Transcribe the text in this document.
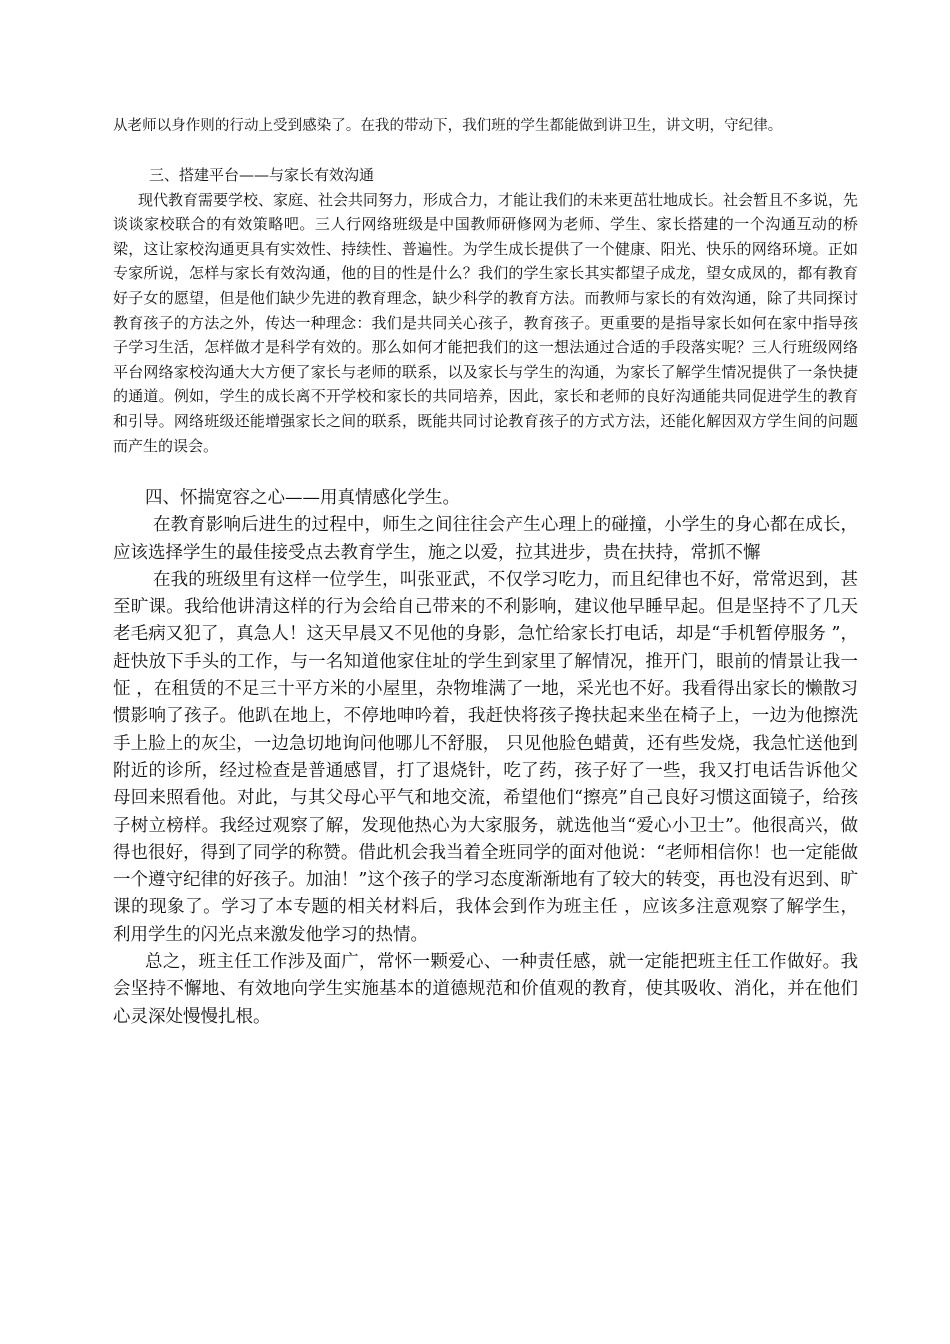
从老师以身作则的行动上受到感染了。在我的带动下，我们班的学生都能做到讲卫生，讲文明，守纪律。

三、搭建平台——与家长有效沟通

现代教育需要学校、家庭、社会共同努力，形成合力，才能让我们的未来更茁壮地成长。社会暂且不多说，先谈谈家校联合的有效策略吧。三人行网络班级是中国教师研修网为老师、学生、家长搭建的一个沟通互动的桥梁，这让家校沟通更具有实效性、持续性、普遍性。为学生成长提供了一个健康、阳光、快乐的网络环境。正如专家所说，怎样与家长有效沟通，他的目的性是什么？我们的学生家长其实都望子成龙，望女成凤的，都有教育好子女的愿望，但是他们缺少先进的教育理念，缺少科学的教育方法。而教师与家长的有效沟通，除了共同探讨教育孩子的方法之外，传达一种理念：我们是共同关心孩子，教育孩子。更重要的是指导家长如何在家中指导孩子学习生活，怎样做才是科学有效的。那么如何才能把我们的这一想法通过合适的手段落实呢？三人行班级网络平台网络家校沟通大大方便了家长与老师的联系，以及家长与学生的沟通，为家长了解学生情况提供了一条快捷的通道。例如，学生的成长离不开学校和家长的共同培养，因此，家长和老师的良好沟通能共同促进学生的教育和引导。网络班级还能增强家长之间的联系，既能共同讨论教育孩子的方式方法，还能化解因双方学生间的问题而产生的误会。

四、怀揣宽容之心——用真情感化学生。

在教育影响后进生的过程中，师生之间往往会产生心理上的碰撞，小学生的身心都在成长，应该选择学生的最佳接受点去教育学生，施之以爱，拉其进步，贵在扶持，常抓不懈

在我的班级里有这样一位学生，叫张亚武，不仅学习吃力，而且纪律也不好，常常迟到，甚至旷课。我给他讲清这样的行为会给自己带来的不利影响，建议他早睡早起。但是坚持不了几天老毛病又犯了，真急人！这天早晨又不见他的身影，急忙给家长打电话，却是“手机暂停服务 ”，赶快放下手头的工作，与一名知道他家住址的学生到家里了解情况，推开门，眼前的情景让我一怔 ，在租赁的不足三十平方米的小屋里，杂物堆满了一地，采光也不好。我看得出家长的懒散习惯影响了孩子。他趴在地上，不停地呻吟着，我赶快将孩子搀扶起来坐在椅子上，一边为他擦洗手上脸上的灰尘，一边急切地询问他哪儿不舒服， 只见他脸色蜡黄，还有些发烧，我急忙送他到附近的诊所，经过检查是普通感冒，打了退烧针，吃了药，孩子好了一些，我又打电话告诉他父母回来照看他。对此，与其父母心平气和地交流，希望他们“擦亮”自己良好习惯这面镜子，给孩子树立榜样。我经过观察了解，发现他热心为大家服务，就选他当“爱心小卫士”。他很高兴，做得也很好，得到了同学的称赞。借此机会我当着全班同学的面对他说：“老师相信你！也一定能做一个遵守纪律的好孩子。加油！”这个孩子的学习态度渐渐地有了较大的转变，再也没有迟到、旷课的现象了。学习了本专题的相关材料后，我体会到作为班主任 ，应该多注意观察了解学生， 利用学生的闪光点来激发他学习的热情。

总之，班主任工作涉及面广，常怀一颗爱心、一种责任感，就一定能把班主任工作做好。我会坚持不懈地、有效地向学生实施基本的道德规范和价值观的教育，使其吸收、消化，并在他们心灵深处慢慢扎根。
